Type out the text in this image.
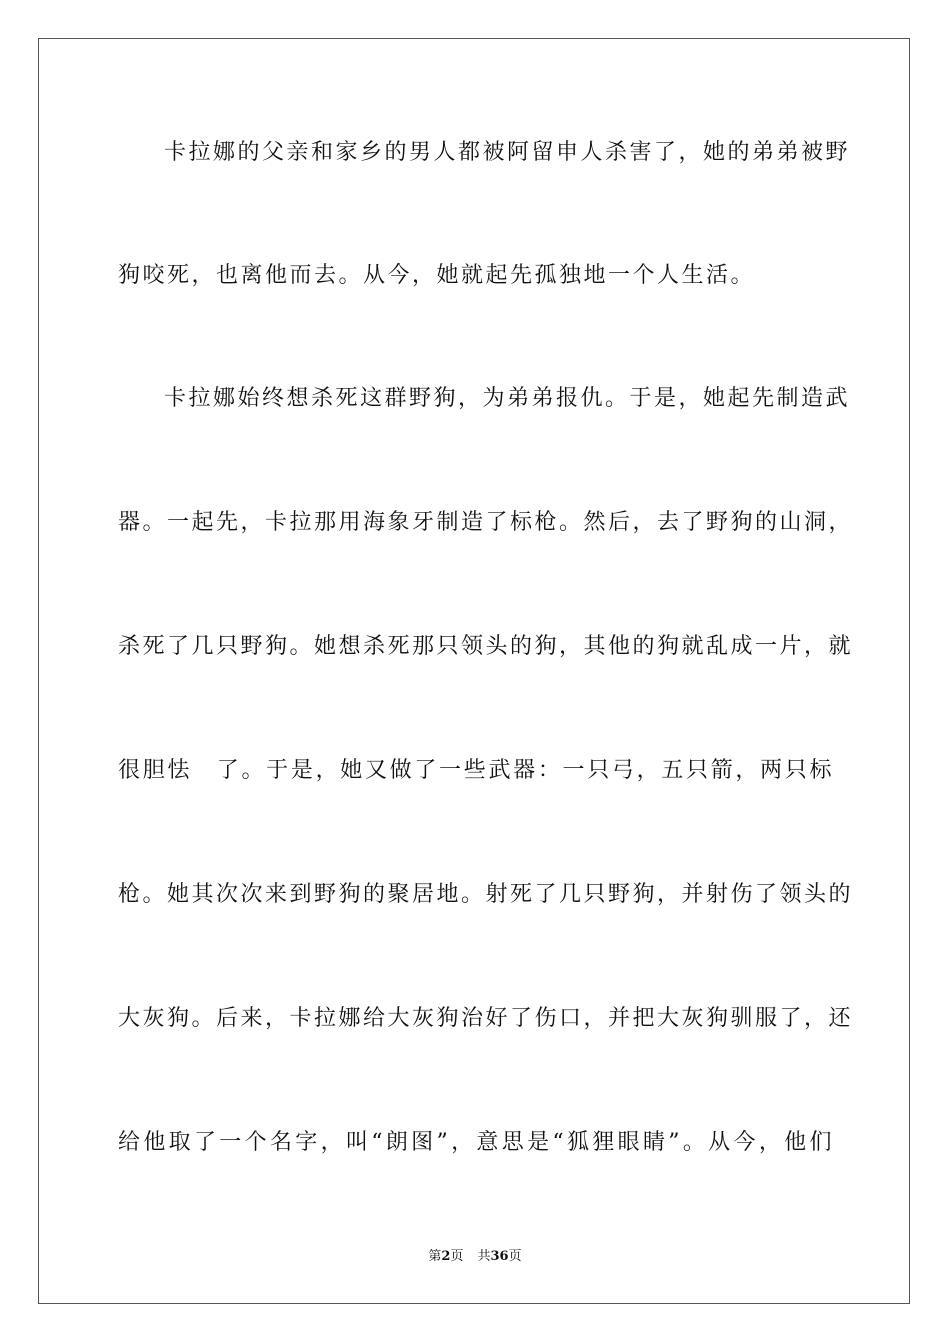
卡拉娜的父亲和家乡的男人都被阿留申人杀害了，她的弟弟被野
狗咬死，也离他而去。从今，她就起先孤独地一个人生活。
卡拉娜始终想杀死这群野狗，为弟弟报仇。于是，她起先制造武
器。一起先，卡拉那用海象牙制造了标枪。然后，去了野狗的山洞，
杀死了几只野狗。她想杀死那只领头的狗，其他的狗就乱成一片，就
很胆怯　了。于是，她又做了一些武器：一只弓，五只箭，两只标
枪。她其次次来到野狗的聚居地。射死了几只野狗，并射伤了领头的
大灰狗。后来，卡拉娜给大灰狗治好了伤口，并把大灰狗驯服了，还
给他取了一个名字，叫“朗图”，意思是“狐狸眼睛”。从今，他们
第2页 共36页
